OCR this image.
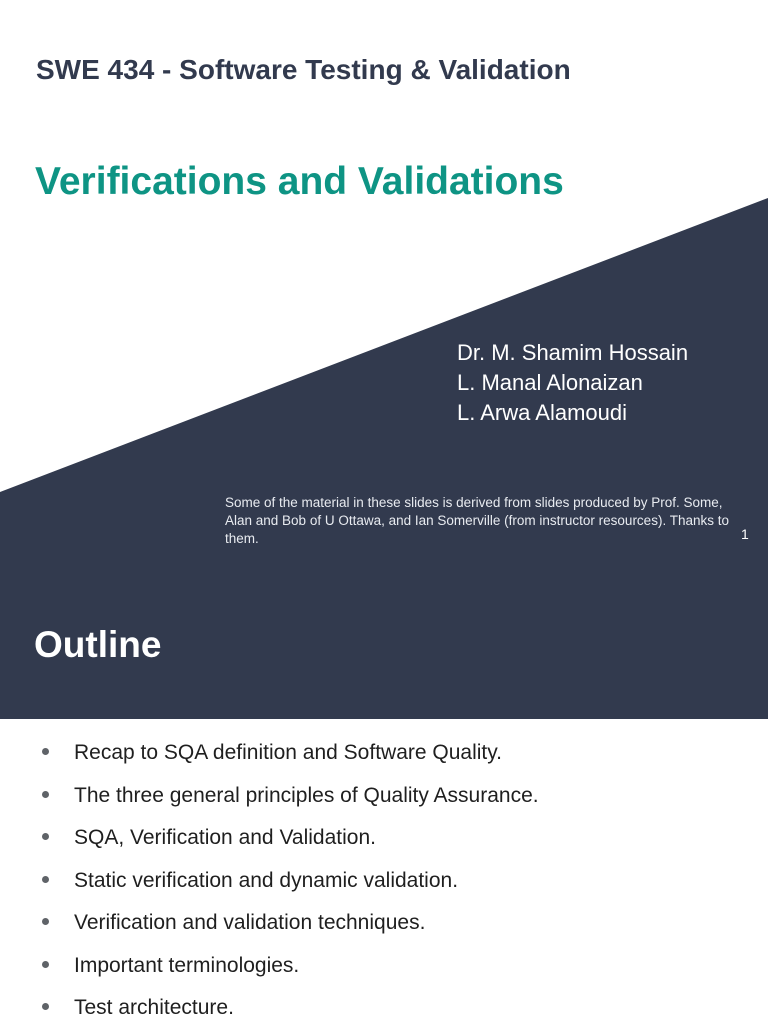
SWE 434 - Software Testing & Validation
Verifications and Validations
Dr. M. Shamim Hossain
L. Manal Alonaizan
L. Arwa Alamoudi
Some of the material in these slides is derived from slides produced by Prof. Some, Alan and Bob of U Ottawa, and Ian Somerville (from instructor resources). Thanks to them.	1
Outline
Recap to SQA definition and Software Quality.
The three general principles of Quality Assurance.
SQA, Verification and Validation.
Static verification and dynamic validation.
Verification and validation techniques.
Important terminologies.
Test architecture.
